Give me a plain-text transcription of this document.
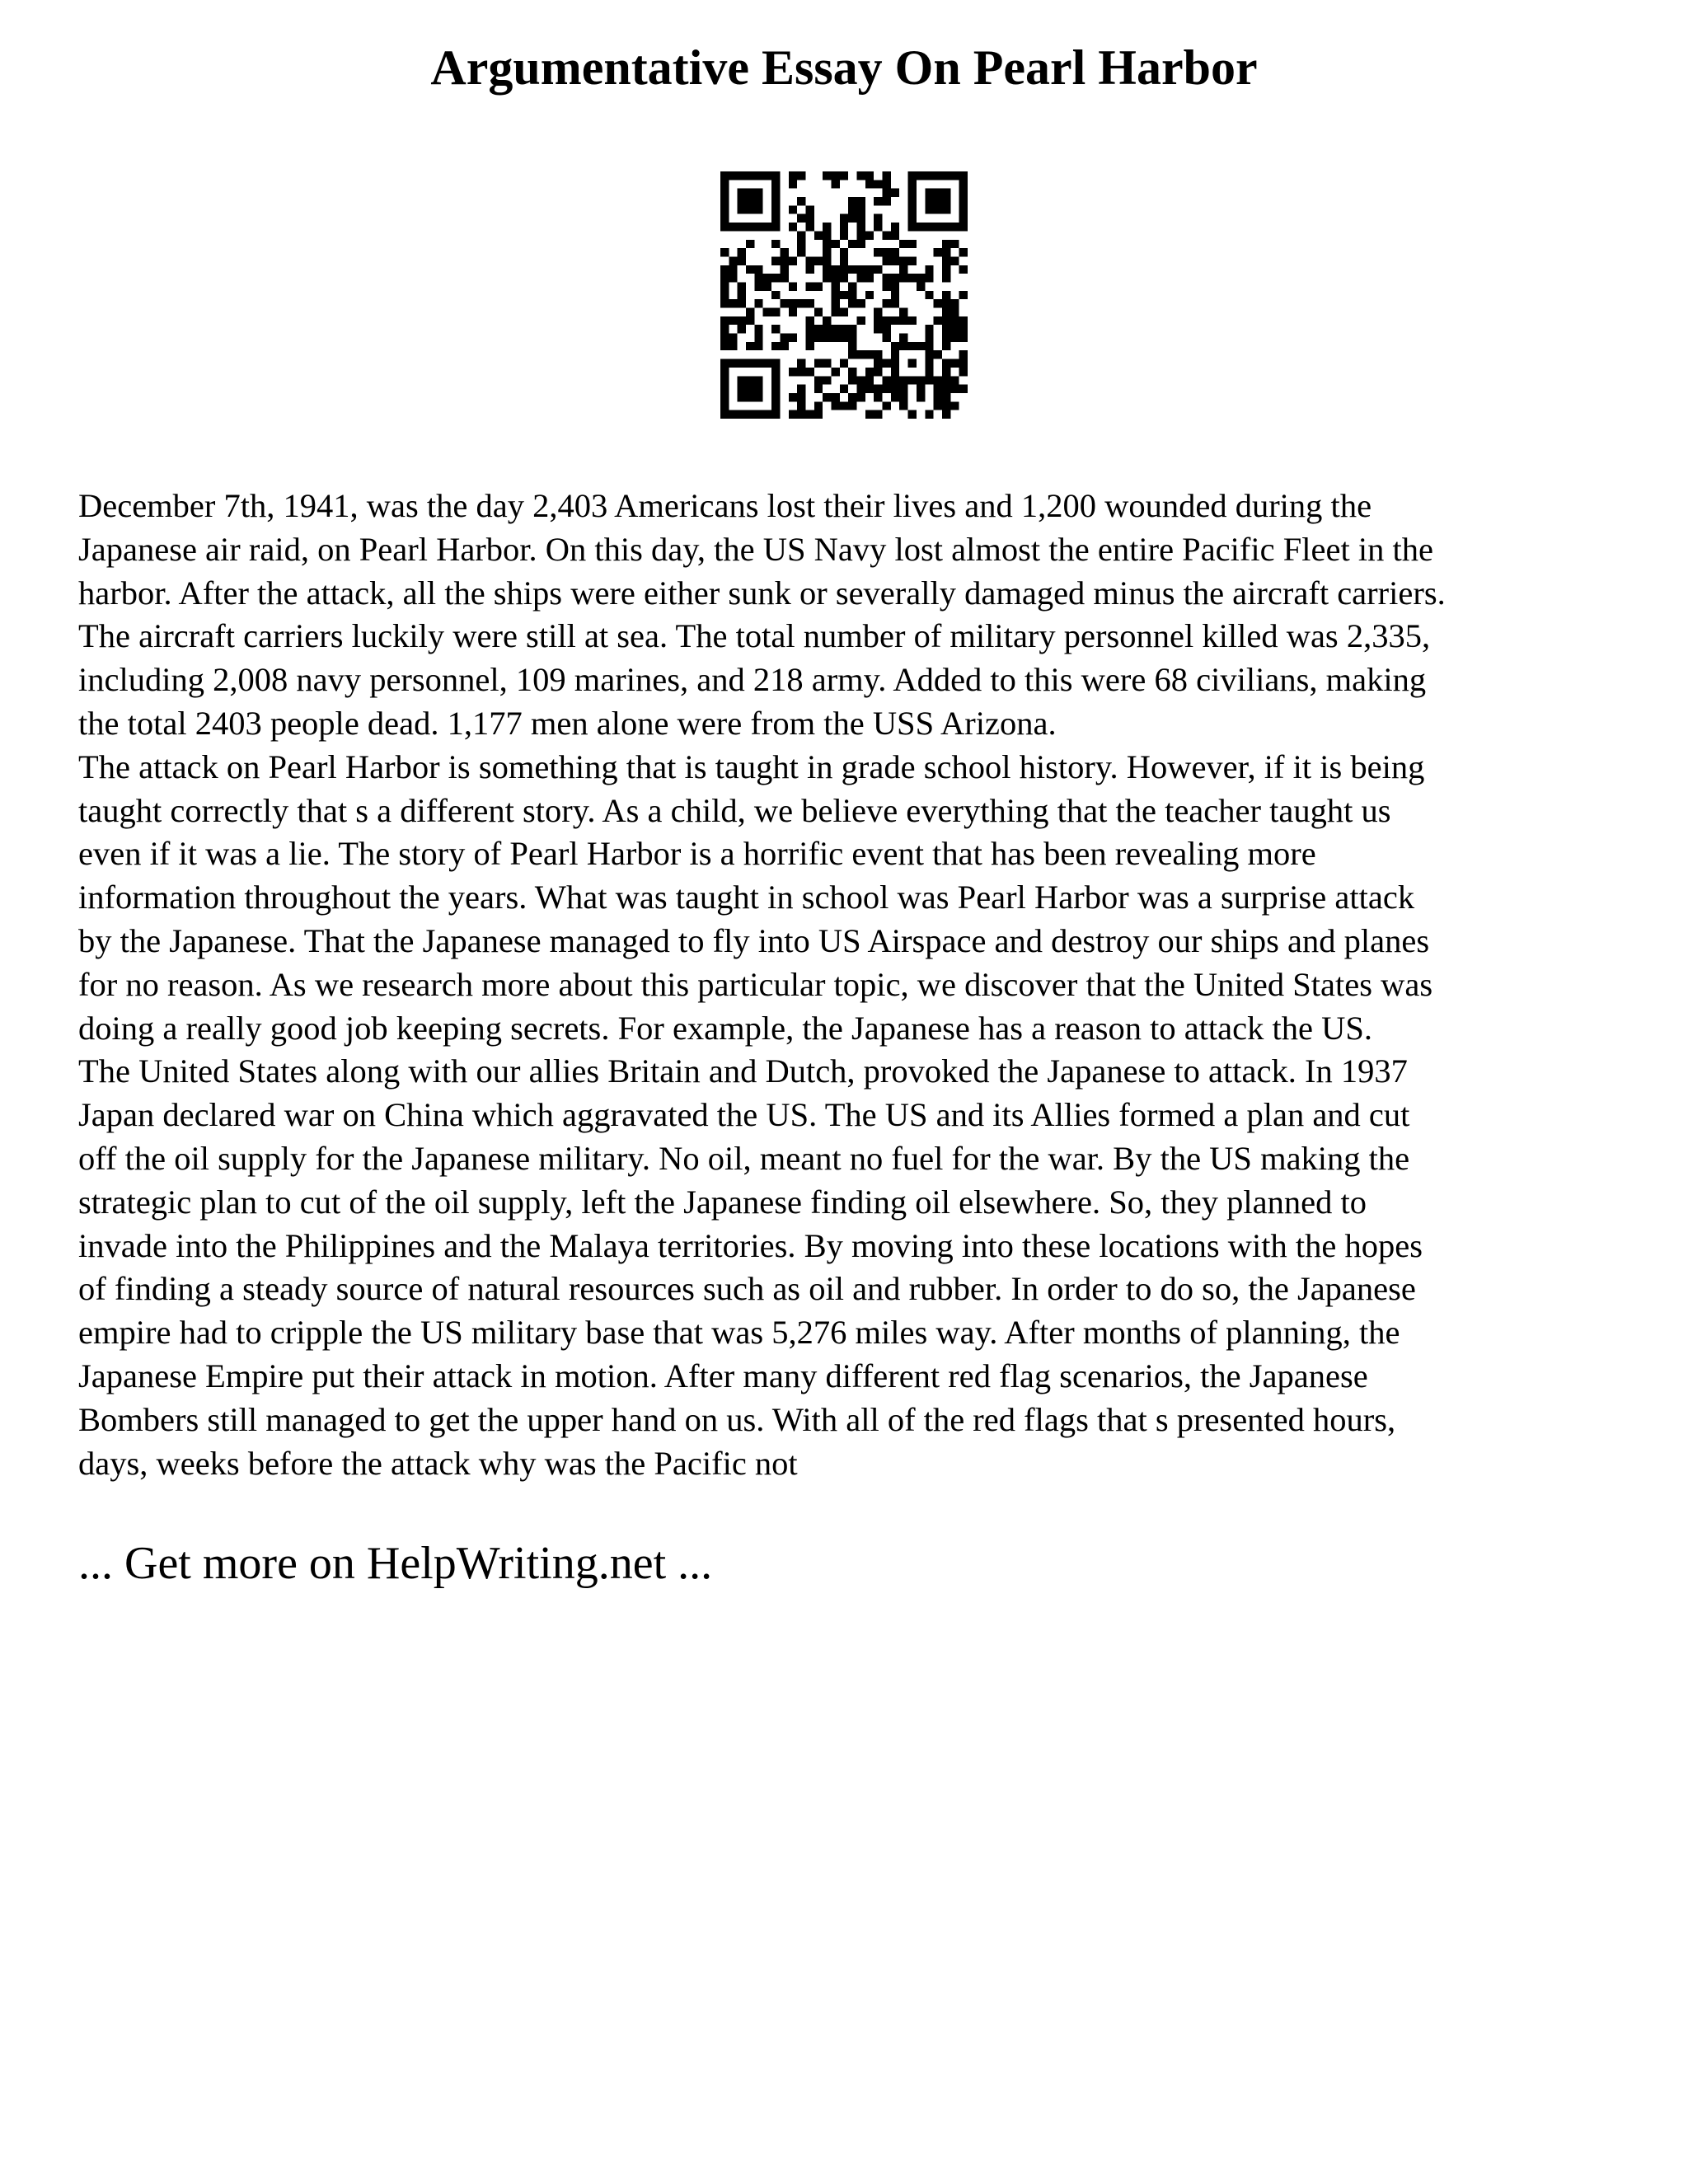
Argumentative Essay On Pearl Harbor
December 7th, 1941, was the day 2,403 Americans lost their lives and 1,200 wounded during the
Japanese air raid, on Pearl Harbor. On this day, the US Navy lost almost the entire Pacific Fleet in the
harbor. After the attack, all the ships were either sunk or severally damaged minus the aircraft carriers.
The aircraft carriers luckily were still at sea. The total number of military personnel killed was 2,335,
including 2,008 navy personnel, 109 marines, and 218 army. Added to this were 68 civilians, making
the total 2403 people dead. 1,177 men alone were from the USS Arizona.
The attack on Pearl Harbor is something that is taught in grade school history. However, if it is being
taught correctly that s a different story. As a child, we believe everything that the teacher taught us
even if it was a lie. The story of Pearl Harbor is a horrific event that has been revealing more
information throughout the years. What was taught in school was Pearl Harbor was a surprise attack
by the Japanese. That the Japanese managed to fly into US Airspace and destroy our ships and planes
for no reason. As we research more about this particular topic, we discover that the United States was
doing a really good job keeping secrets. For example, the Japanese has a reason to attack the US.
The United States along with our allies Britain and Dutch, provoked the Japanese to attack. In 1937
Japan declared war on China which aggravated the US. The US and its Allies formed a plan and cut
off the oil supply for the Japanese military. No oil, meant no fuel for the war. By the US making the
strategic plan to cut of the oil supply, left the Japanese finding oil elsewhere. So, they planned to
invade into the Philippines and the Malaya territories. By moving into these locations with the hopes
of finding a steady source of natural resources such as oil and rubber. In order to do so, the Japanese
empire had to cripple the US military base that was 5,276 miles way. After months of planning, the
Japanese Empire put their attack in motion. After many different red flag scenarios, the Japanese
Bombers still managed to get the upper hand on us. With all of the red flags that s presented hours,
days, weeks before the attack why was the Pacific not
... Get more on HelpWriting.net ...
